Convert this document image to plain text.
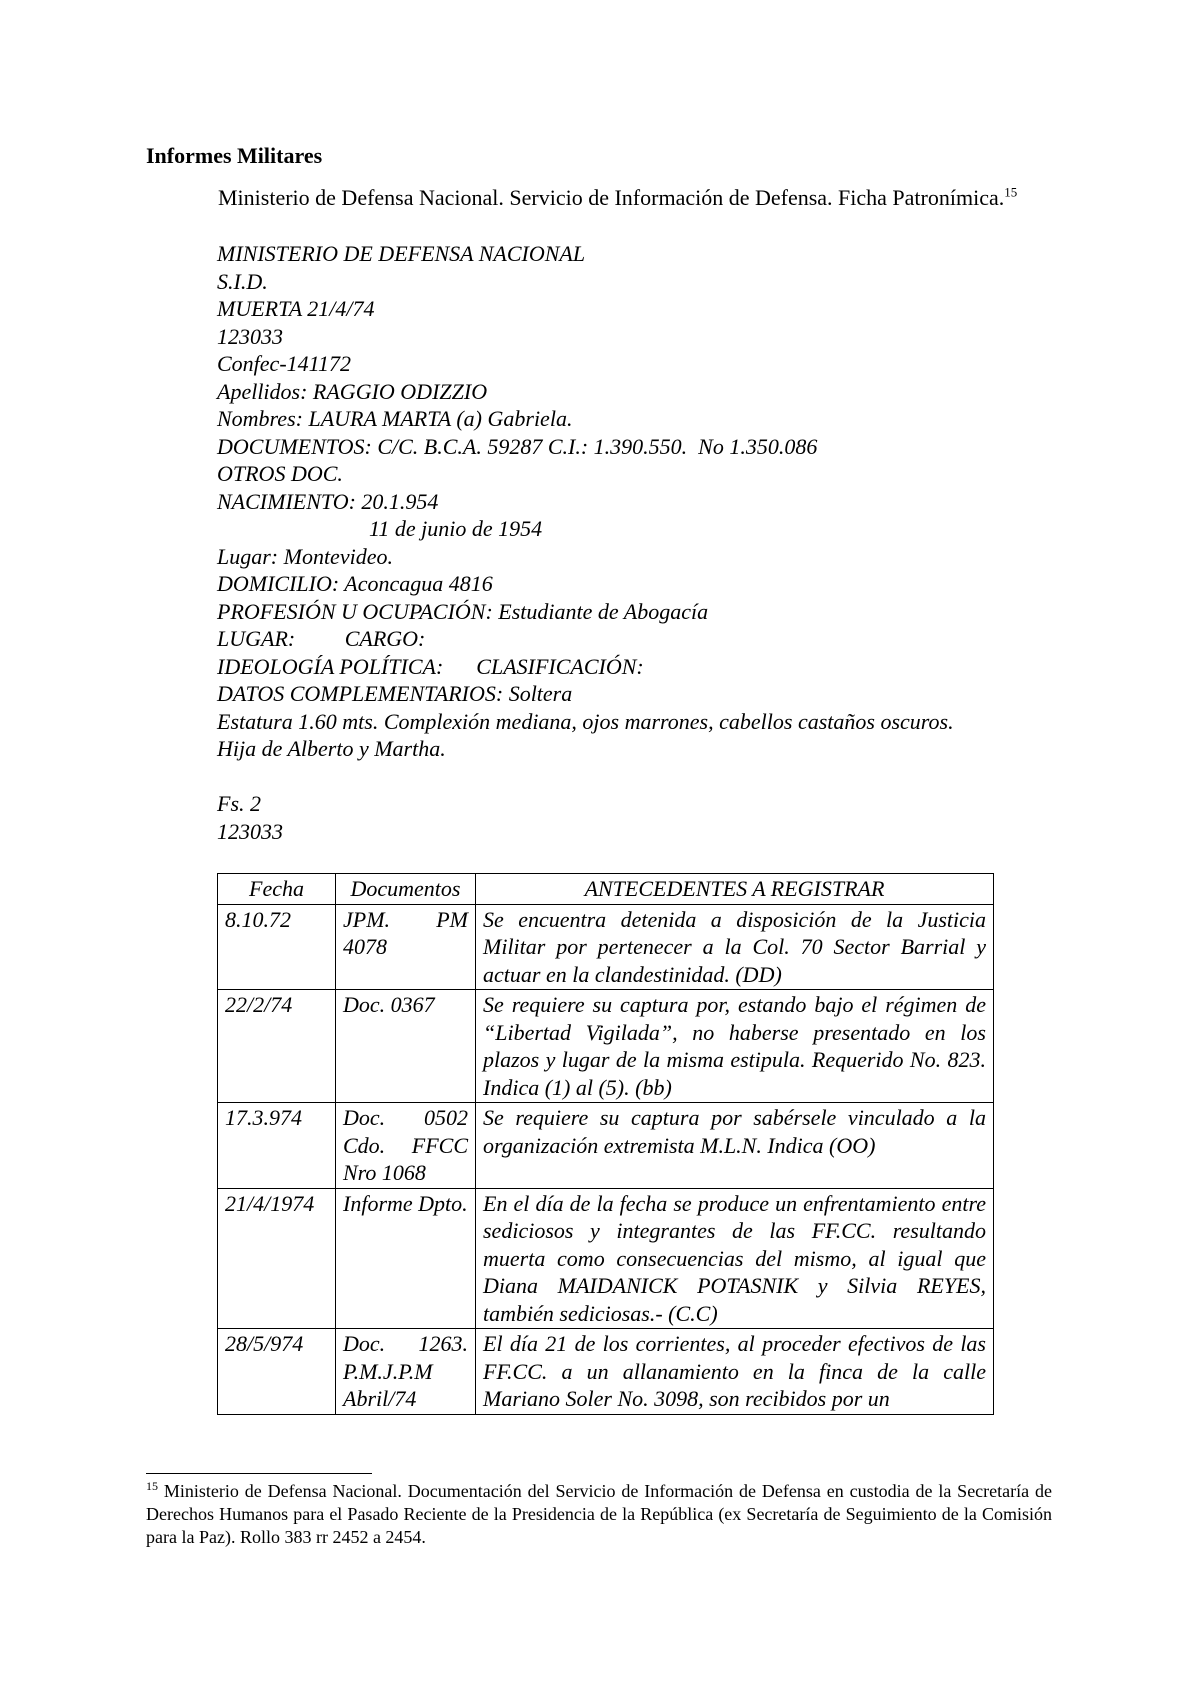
Informes Militares

Ministerio de Defensa Nacional. Servicio de Información de Defensa. Ficha Patronímica.$^{15}$

MINISTERIO DE DEFENSA NACIONAL
S.I.D.
MUERTA 21/4/74
123033
Confec-141172
Apellidos: RAGGIO ODIZZIO
Nombres: LAURA MARTA (a) Gabriela.
DOCUMENTOS: C/C. B.C.A. 59287 C.I.: 1.390.550.  No 1.350.086
OTROS DOC.
NACIMIENTO: 20.1.954
11 de junio de 1954
Lugar: Montevideo.
DOMICILIO: Aconcagua 4816
PROFESIÓN U OCUPACIÓN: Estudiante de Abogacía
LUGAR:         CARGO:
IDEOLOGÍA POLÍTICA:      CLASIFICACIÓN:
DATOS COMPLEMENTARIOS: Soltera
Estatura 1.60 mts. Complexión mediana, ojos marrones, cabellos castaños oscuros.
Hija de Alberto y Martha.
Fs. 2
123033
Fecha	Documentos	ANTECEDENTES A REGISTRAR
8.10.72	JPM. PM 4078	Se encuentra detenida a disposición de la Justicia Militar por pertenecer a la Col. 70 Sector Barrial y actuar en la clandestinidad. (DD)
22/2/74	Doc. 0367	Se requiere su captura por, estando bajo el régimen de “Libertad Vigilada”, no haberse presentado en los plazos y lugar de la misma estipula. Requerido No. 823. Indica (1) al (5). (bb)
17.3.974	Doc. 0502 Cdo. FFCC Nro 1068	Se requiere su captura por sabérsele vinculado a la organización extremista M.L.N. Indica (OO)
21/4/1974	Informe Dpto.	En el día de la fecha se produce un enfrentamiento entre sediciosos y integrantes de las FF.CC. resultando muerta como consecuencias del mismo, al igual que Diana MAIDANICK POTASNIK y Silvia REYES, también sediciosas.- (C.C)
28/5/974	Doc. 1263. P.M.J.P.M Abril/74	El día 21 de los corrientes, al proceder efectivos de las FF.CC. a un allanamiento en la finca de la calle Mariano Soler No. 3098, son recibidos por un

$^{15}$ Ministerio de Defensa Nacional. Documentación del Servicio de Información de Defensa en custodia de la Secretaría de Derechos Humanos para el Pasado Reciente de la Presidencia de la República (ex Secretaría de Seguimiento de la Comisión para la Paz). Rollo 383 rr 2452 a 2454.
